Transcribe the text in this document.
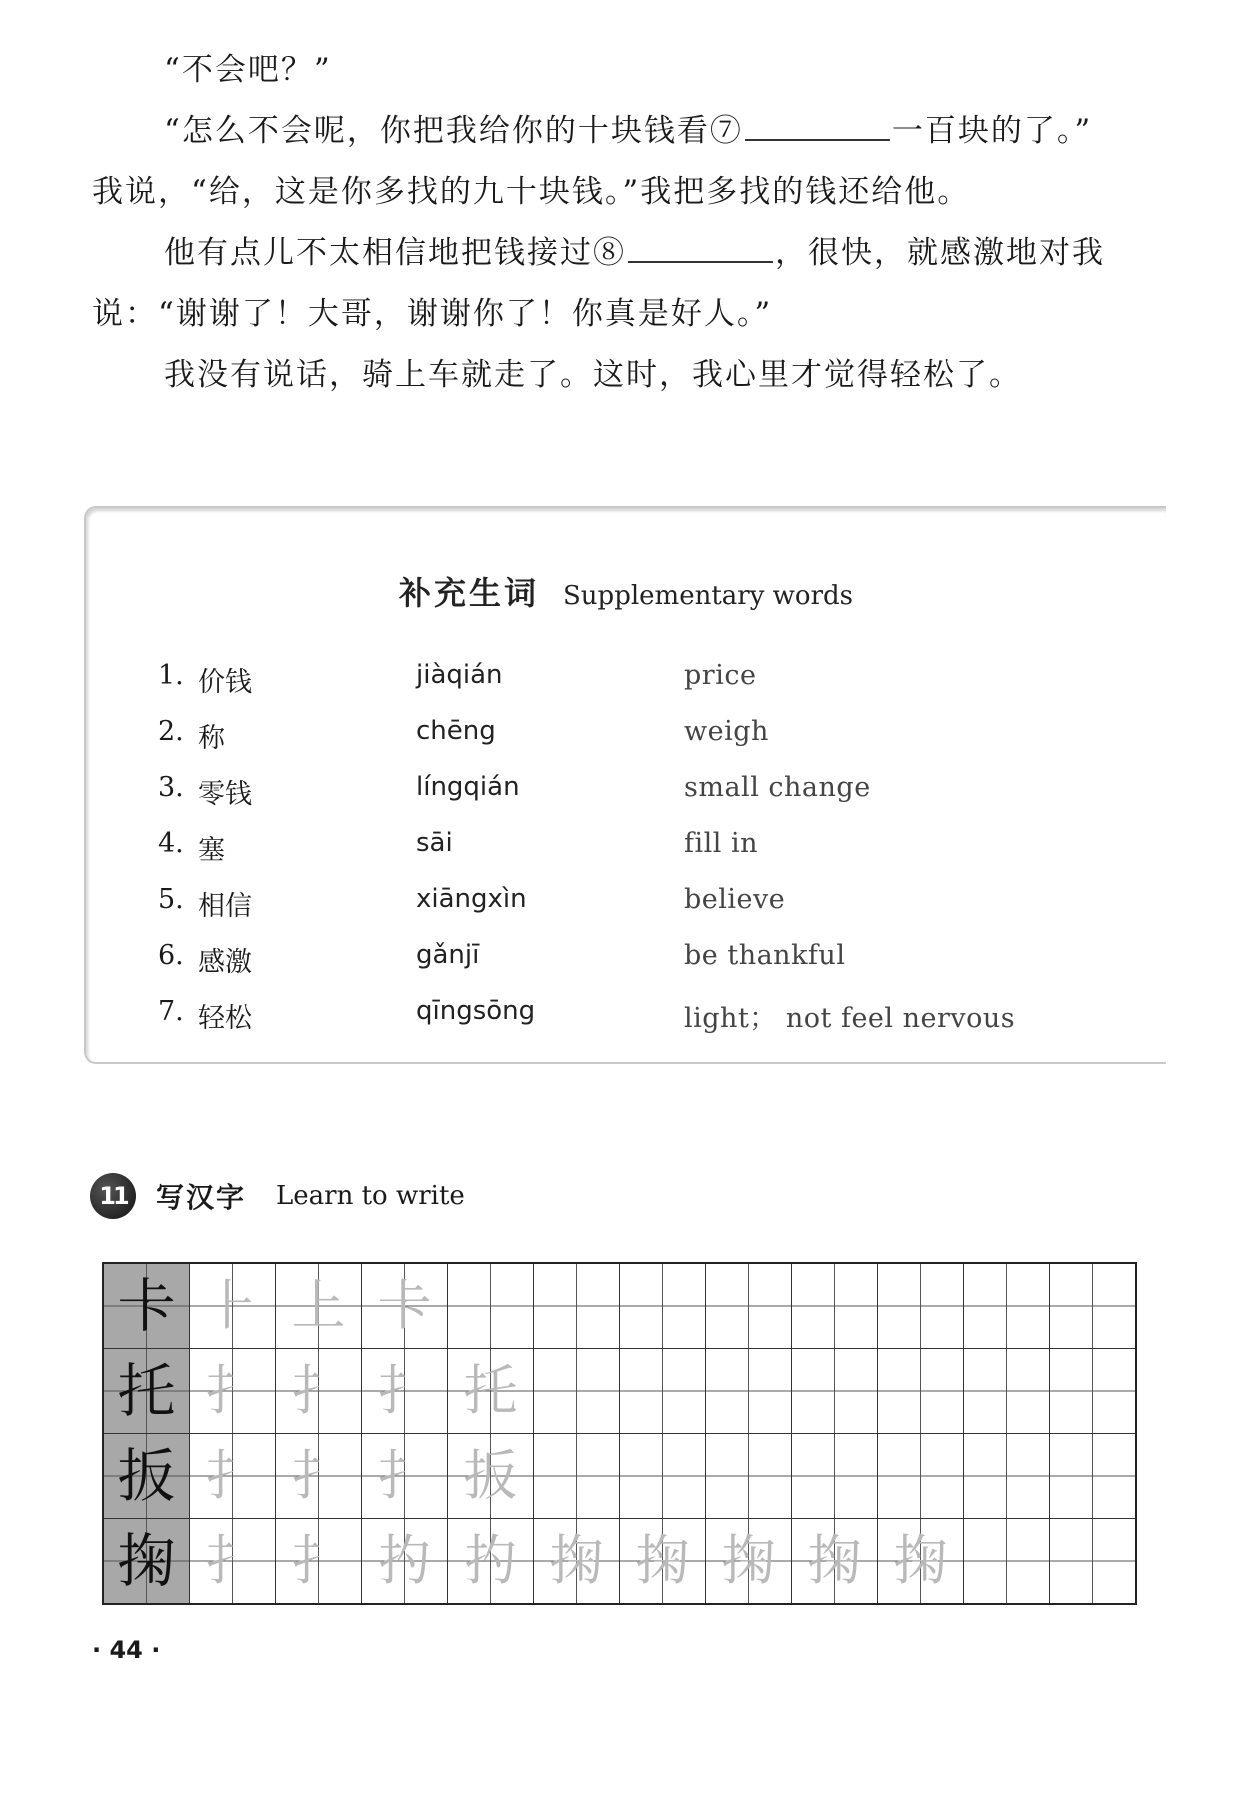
“不会吧？”

“怎么不会呢，你把我给你的十块钱看⑦	一百块的了。”

我说，“给，这是你多找的九十块钱。”我把多找的钱还给他。

他有点儿不太相信地把钱接过⑧	，很快，就感激地对我

说：“谢谢了！大哥，谢谢你了！你真是好人。”

我没有说话，骑上车就走了。这时，我心里才觉得轻松了。

补充生词 Supplementary words
1. 价钱	jiàqián	price
2. 称	chēng	weigh
3. 零钱	língqián	small change
4. 塞	sāi	fill in
5. 相信	xiāngxìn	believe
6. 感激	gǎnjī	be thankful
7. 轻松	qīngsōng	light； not feel nervous
11	写汉字 Learn to write
卡	⺊	上	卡								
托	扌	扌	扌	托							
扳	扌	扌	扌	扳							
掬	扌	扌	扚	扚	掬	掬	掬	掬	掬		
· 44 ·
